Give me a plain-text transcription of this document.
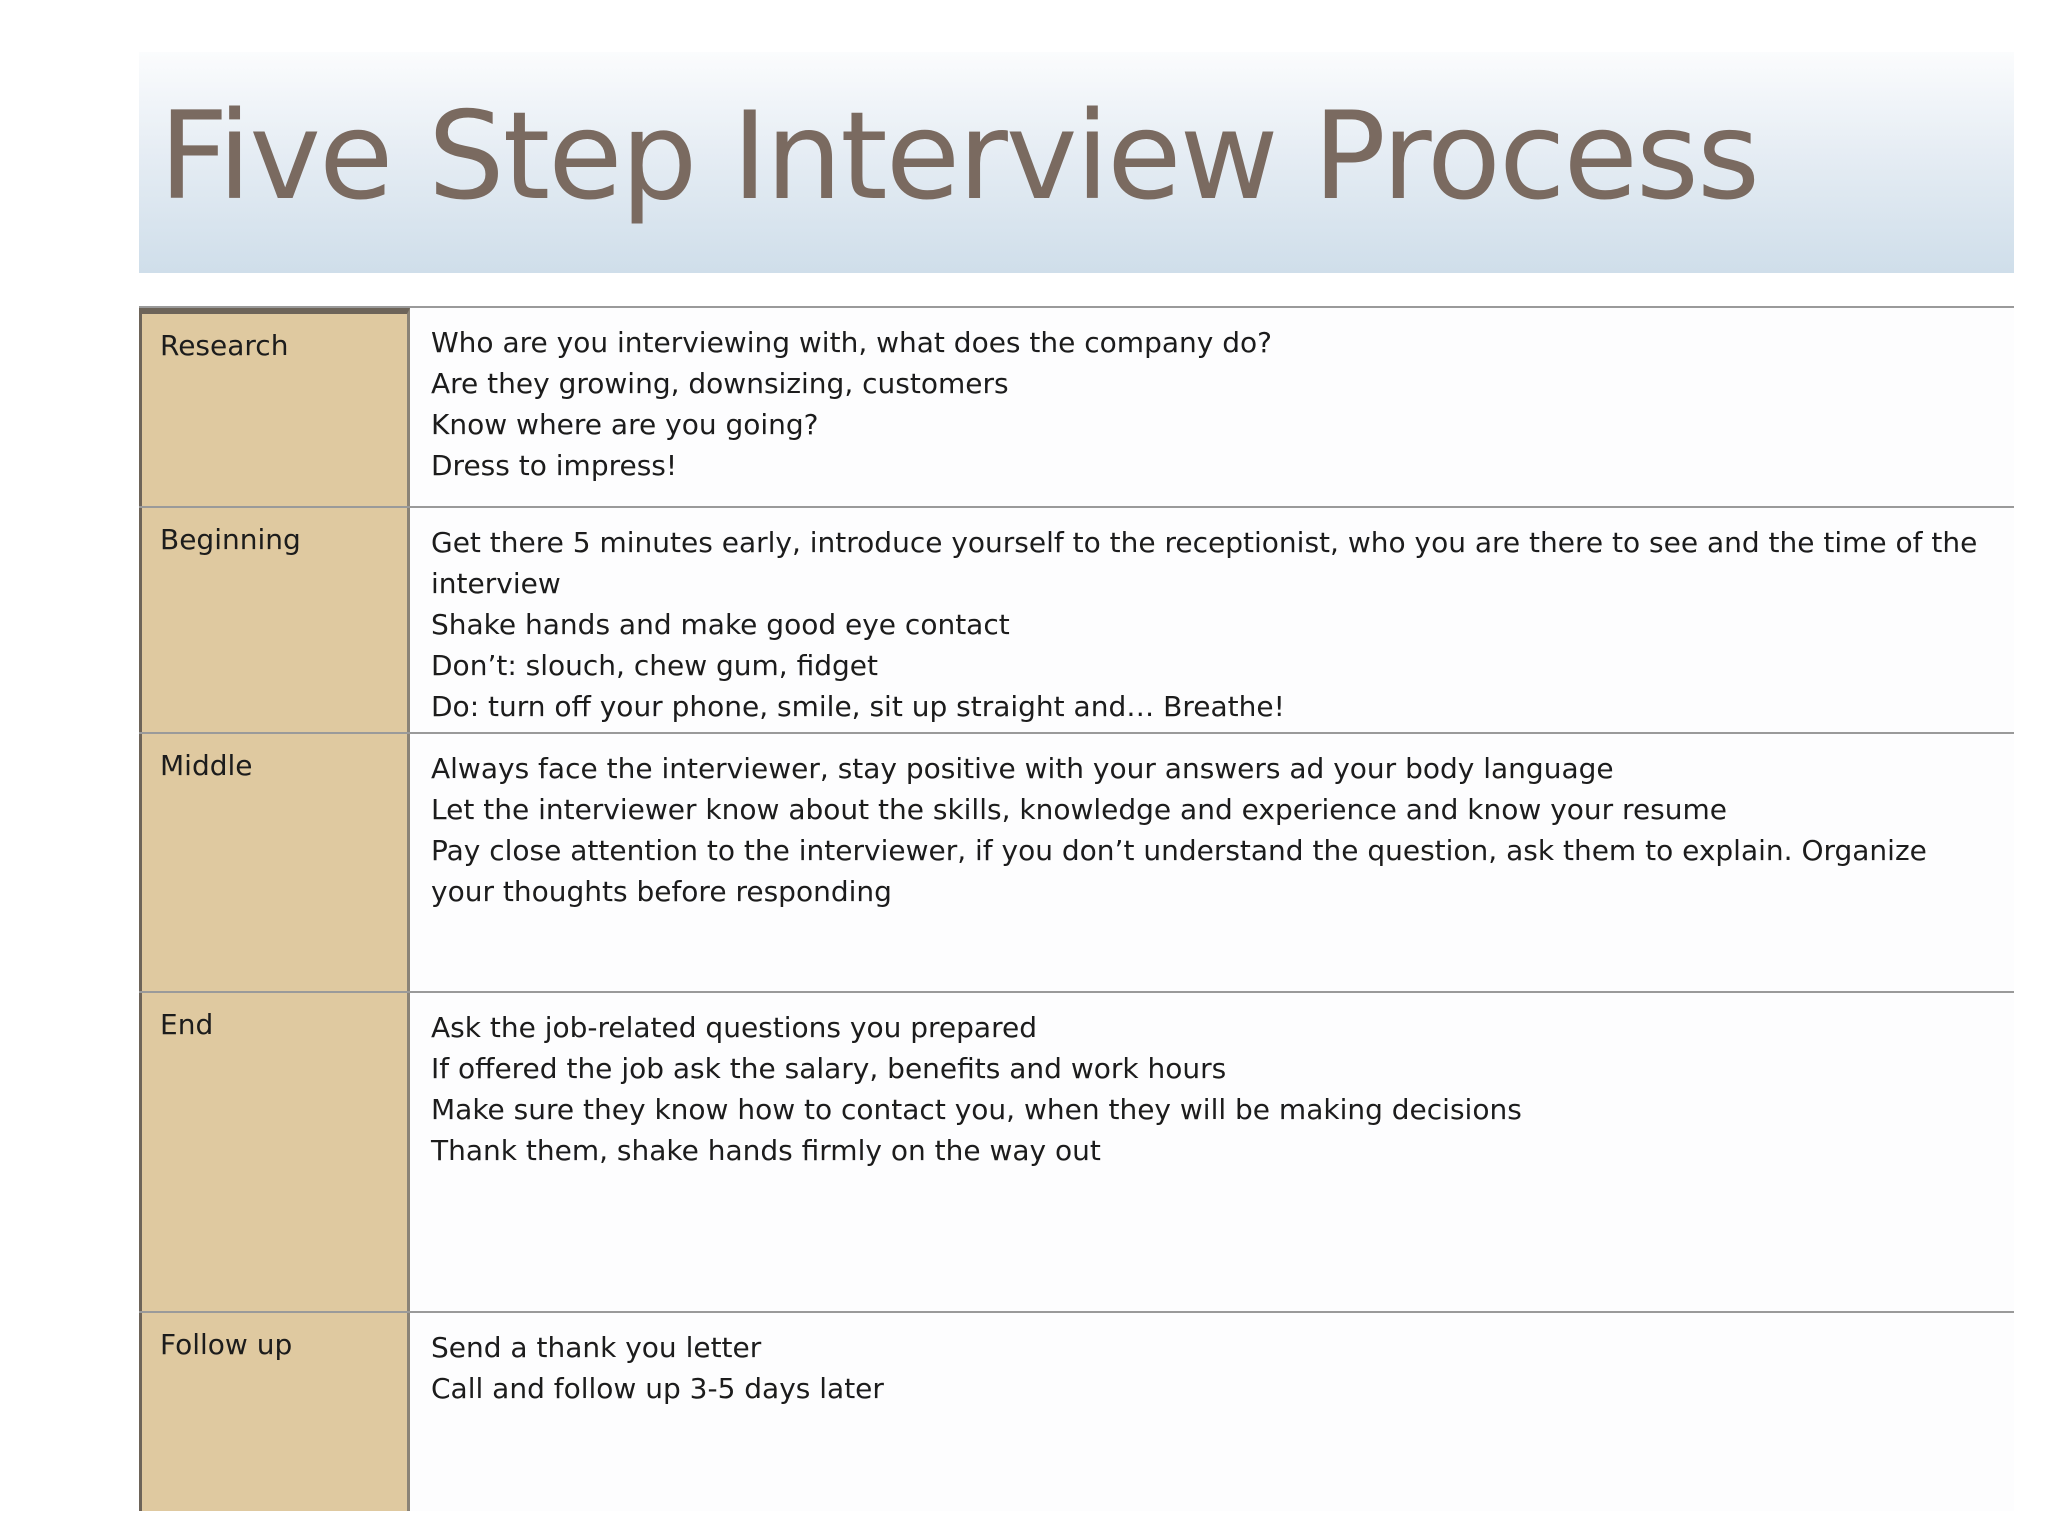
Five Step Interview Process
Research	Who are you interviewing with, what does the company do?
Are they growing, downsizing, customers
Know where are you going?
Dress to impress!
Beginning	Get there 5 minutes early, introduce yourself to the receptionist, who you are there to see and the time of the interview
Shake hands and make good eye contact
Don’t: slouch, chew gum, fidget
Do: turn off your phone, smile, sit up straight and… Breathe!
Middle	Always face the interviewer, stay positive with your answers ad your body language
Let the interviewer know about the skills, knowledge and experience and know your resume
Pay close attention to the interviewer, if you don’t understand the question, ask them to explain. Organize your thoughts before responding
End	Ask the job-related questions you prepared
If offered the job ask the salary, benefits and work hours
Make sure they know how to contact you, when they will be making decisions
Thank them, shake hands firmly on the way out
Follow up	Send a thank you letter
Call and follow up 3-5 days later
